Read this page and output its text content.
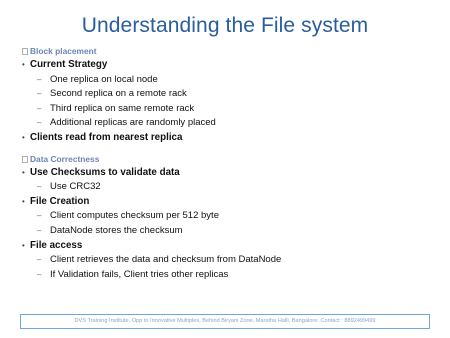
Understanding the File system
Block placement
• Current Strategy
– One replica on local node
– Second replica on a remote rack
– Third replica on same remote rack
– Additional replicas are randomly placed
• Clients read from nearest replica
Data Correctness
• Use Checksums to validate data
– Use CRC32
• File Creation
– Client computes checksum per 512 byte
– DataNode stores the checksum
• File access
– Client retrieves the data and checksum from DataNode
– If Validation fails, Client tries other replicas
DVS Training Institute, Opp to Innovative Multiplex, Behind Biryani Zone, Maratha Halli, Bangalore. Contact : 8892499499
